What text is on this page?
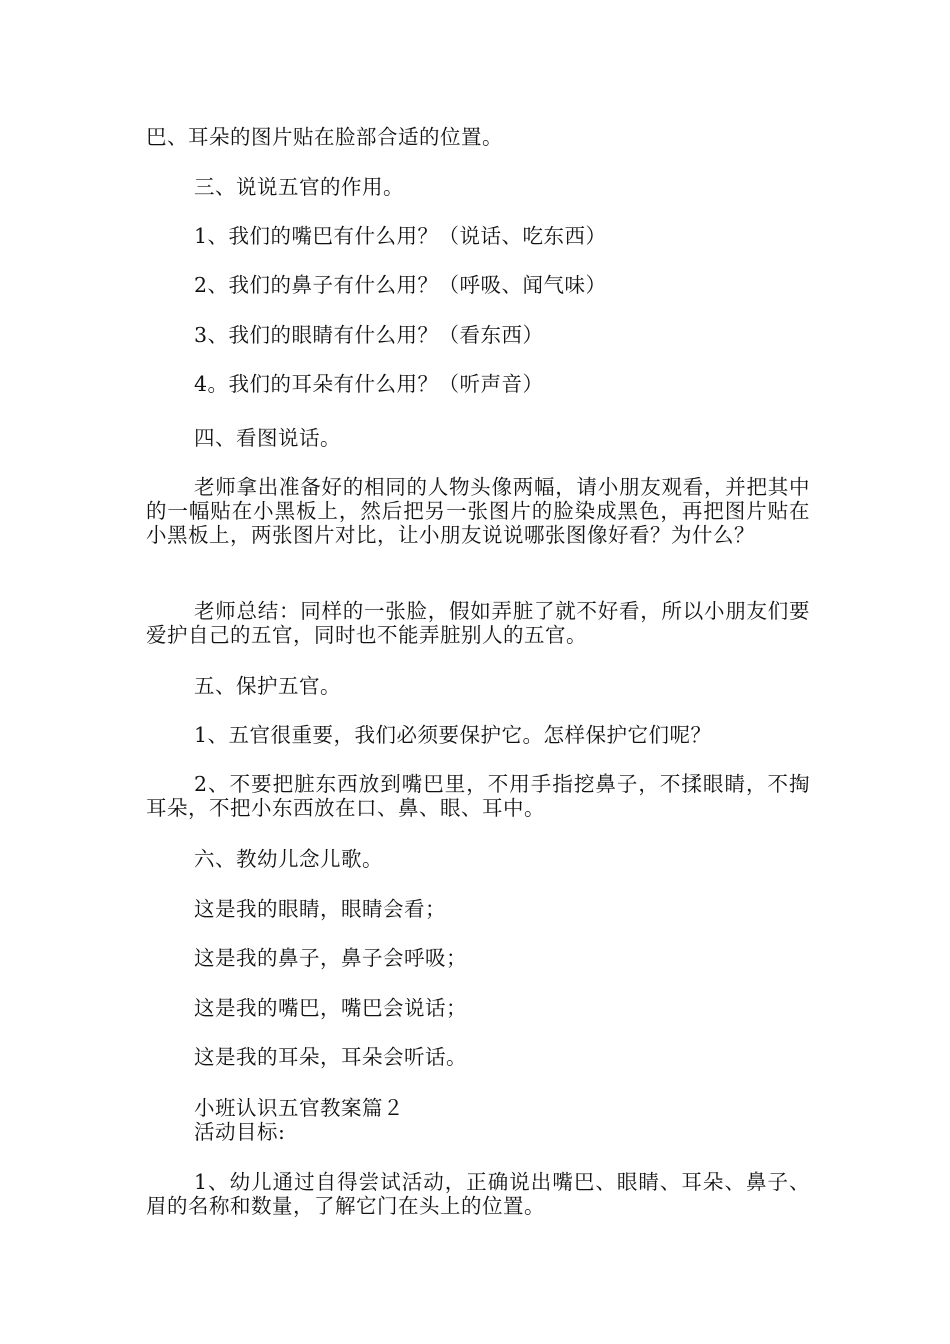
巴、耳朵的图片贴在脸部合适的位置。
三、说说五官的作用。
1、我们的嘴巴有什么用？（说话、吃东西）
2、我们的鼻子有什么用？（呼吸、闻气味）
3、我们的眼睛有什么用？（看东西）
4。我们的耳朵有什么用？（听声音）
四、看图说话。
老师拿出准备好的相同的人物头像两幅，请小朋友观看，并把其中的一幅贴在小黑板上，然后把另一张图片的脸染成黑色，再把图片贴在小黑板上，两张图片对比，让小朋友说说哪张图像好看？为什么？
老师总结：同样的一张脸，假如弄脏了就不好看，所以小朋友们要爱护自己的五官，同时也不能弄脏别人的五官。
五、保护五官。
1、五官很重要，我们必须要保护它。怎样保护它们呢？
2、不要把脏东西放到嘴巴里，不用手指挖鼻子，不揉眼睛，不掏耳朵，不把小东西放在口、鼻、眼、耳中。
六、教幼儿念儿歌。
这是我的眼睛，眼睛会看；
这是我的鼻子，鼻子会呼吸；
这是我的嘴巴，嘴巴会说话；
这是我的耳朵，耳朵会听话。
小班认识五官教案篇２
活动目标:
1、幼儿通过自得尝试活动，正确说出嘴巴、眼睛、耳朵、鼻子、眉的名称和数量，了解它门在头上的位置。
